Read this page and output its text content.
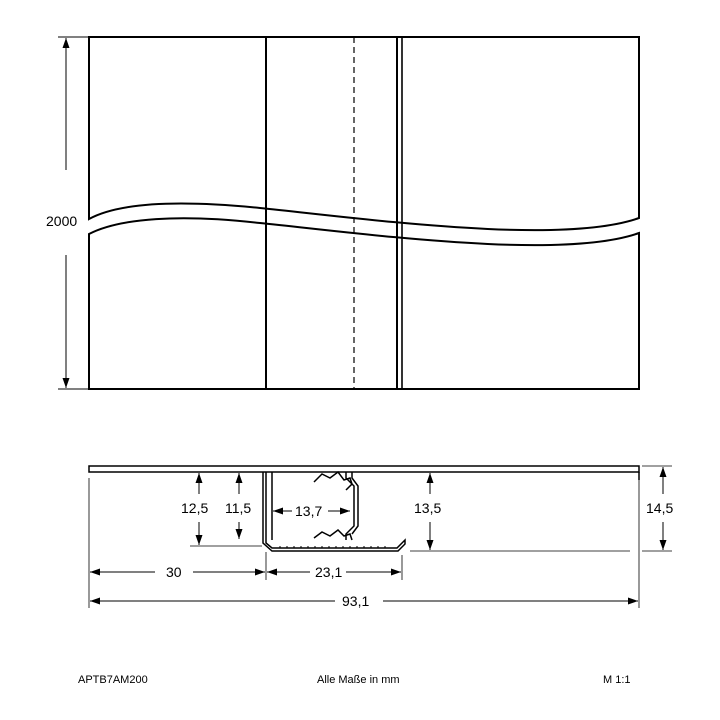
2000
12,5 11,5	13,7	13,5	14,5
30	23,1
93,1
APTB7AM200	Alle Maße in mm	M 1:1
